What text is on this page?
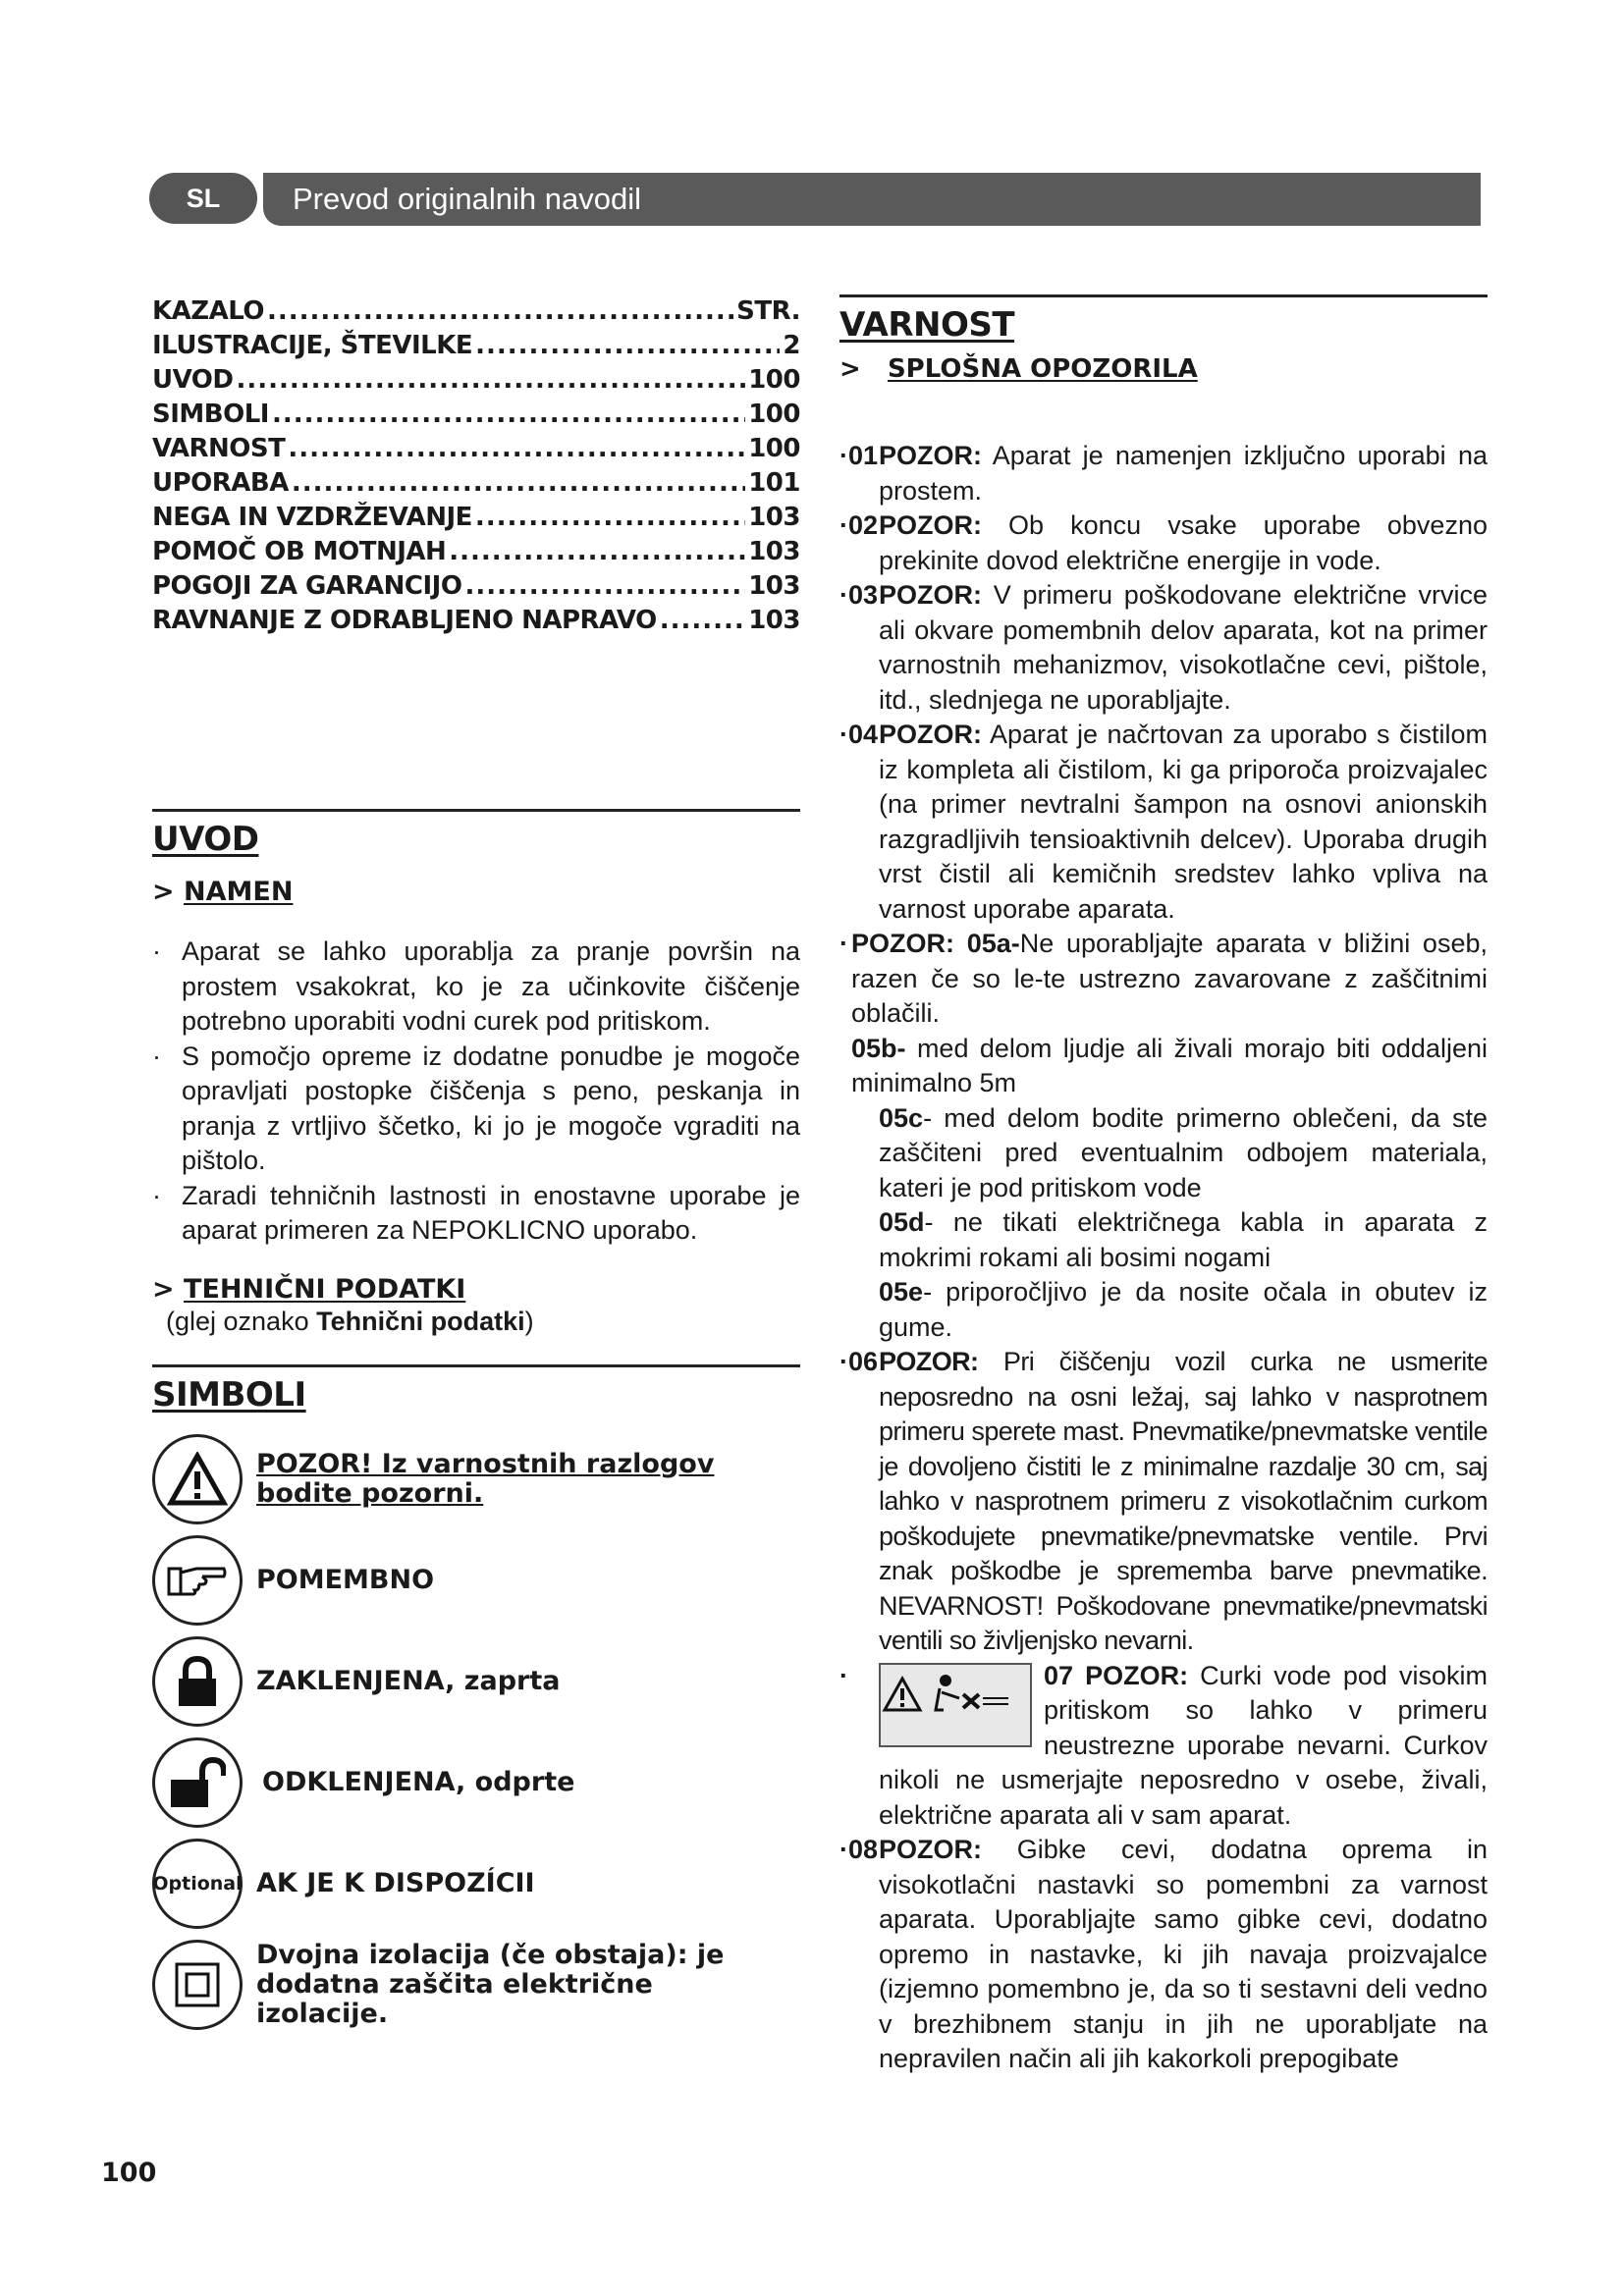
SL	Prevod originalnih navodil
KAZALO .....	STR.
ILUSTRACIJE, ŠTEVILKE .....	2
UVOD .....	100
SIMBOLI .....	100
VARNOST .....	100
UPORABA .....	101
NEGA IN VZDRŽEVANJE .....	103
POMOČ OB MOTNJAH .....	103
POGOJI ZA GARANCIJO .....	103
RAVNANJE Z ODRABLJENO NAPRAVO .....	103
UVOD
> NAMEN
· Aparat se lahko uporablja za pranje površin na prostem vsakokrat, ko je za učinkovite čiščenje potrebno uporabiti vodni curek pod pritiskom.
· S pomočjo opreme iz dodatne ponudbe je mogoče opravljati postopke čiščenja s peno, peskanja in pranja z vrtljivo ščetko, ki jo je mogoče vgraditi na pištolo.
· Zaradi tehničnih lastnosti in enostavne uporabe je aparat primeren za NEPOKLICNO uporabo.
> TEHNIČNI PODATKI
(glej oznako Tehnični podatki)
SIMBOLI
POZOR! Iz varnostnih razlogov bodite pozorni.
POMEMBNO
ZAKLENJENA, zaprta
ODKLENJENA, odprte
Optional AK JE K DISPOZÍCII
Dvojna izolacija (če obstaja): je dodatna zaščita električne izolacije.
VARNOST
>   SPLOŠNA OPOZORILA
·01 POZOR: Aparat je namenjen izključno uporabi na prostem.
·02 POZOR: Ob koncu vsake uporabe obvezno prekinite dovod električne energije in vode.
·03 POZOR: V primeru poškodovane električne vrvice ali okvare pomembnih delov aparata, kot na primer varnostnih mehanizmov, visokotlačne cevi, pištole, itd., slednjega ne uporabljajte.
·04 POZOR: Aparat je načrtovan za uporabo s čistilom iz kompleta ali čistilom, ki ga priporoča proizvajalec (na primer nevtralni šampon na osnovi anionskih razgradljivih tensioaktivnih delcev). Uporaba drugih vrst čistil ali kemičnih sredstev lahko vpliva na varnost uporabe aparata.
· POZOR: 05a-Ne uporabljajte aparata v bližini oseb, razen če so le-te ustrezno zavarovane z zaščitnimi oblačili.
05b- med delom ljudje ali živali morajo biti oddaljeni minimalno 5m
05c- med delom bodite primerno oblečeni, da ste zaščiteni pred eventualnim odbojem materiala, kateri je pod pritiskom vode
05d- ne tikati električnega kabla in aparata z mokrimi rokami ali bosimi nogami
05e- priporočljivo je da nosite očala in obutev iz gume.
·06 POZOR: Pri čiščenju vozil curka ne usmerite neposredno na osni ležaj, saj lahko v nasprotnem primeru sperete mast. Pnevmatike/pnevmatske ventile je dovoljeno čistiti le z minimalne razdalje 30 cm, saj lahko v nasprotnem primeru z visokotlačnim curkom poškodujete pnevmatike/pnevmatske ventile. Prvi znak poškodbe je sprememba barve pnevmatike. NEVARNOST! Poškodovane pnevmatike/pnevmatski ventili so življenjsko nevarni.
·	07 POZOR: Curki vode pod visokim pritiskom so lahko v primeru neustrezne uporabe nevarni. Curkov nikoli ne usmerjajte neposredno v osebe, živali, električne aparata ali v sam aparat.
·08 POZOR: Gibke cevi, dodatna oprema in visokotlačni nastavki so pomembni za varnost aparata. Uporabljajte samo gibke cevi, dodatno opremo in nastavke, ki jih navaja proizvajalce (izjemno pomembno je, da so ti sestavni deli vedno v brezhibnem stanju in jih ne uporabljate na nepravilen način ali jih kakorkoli prepogibate
100
